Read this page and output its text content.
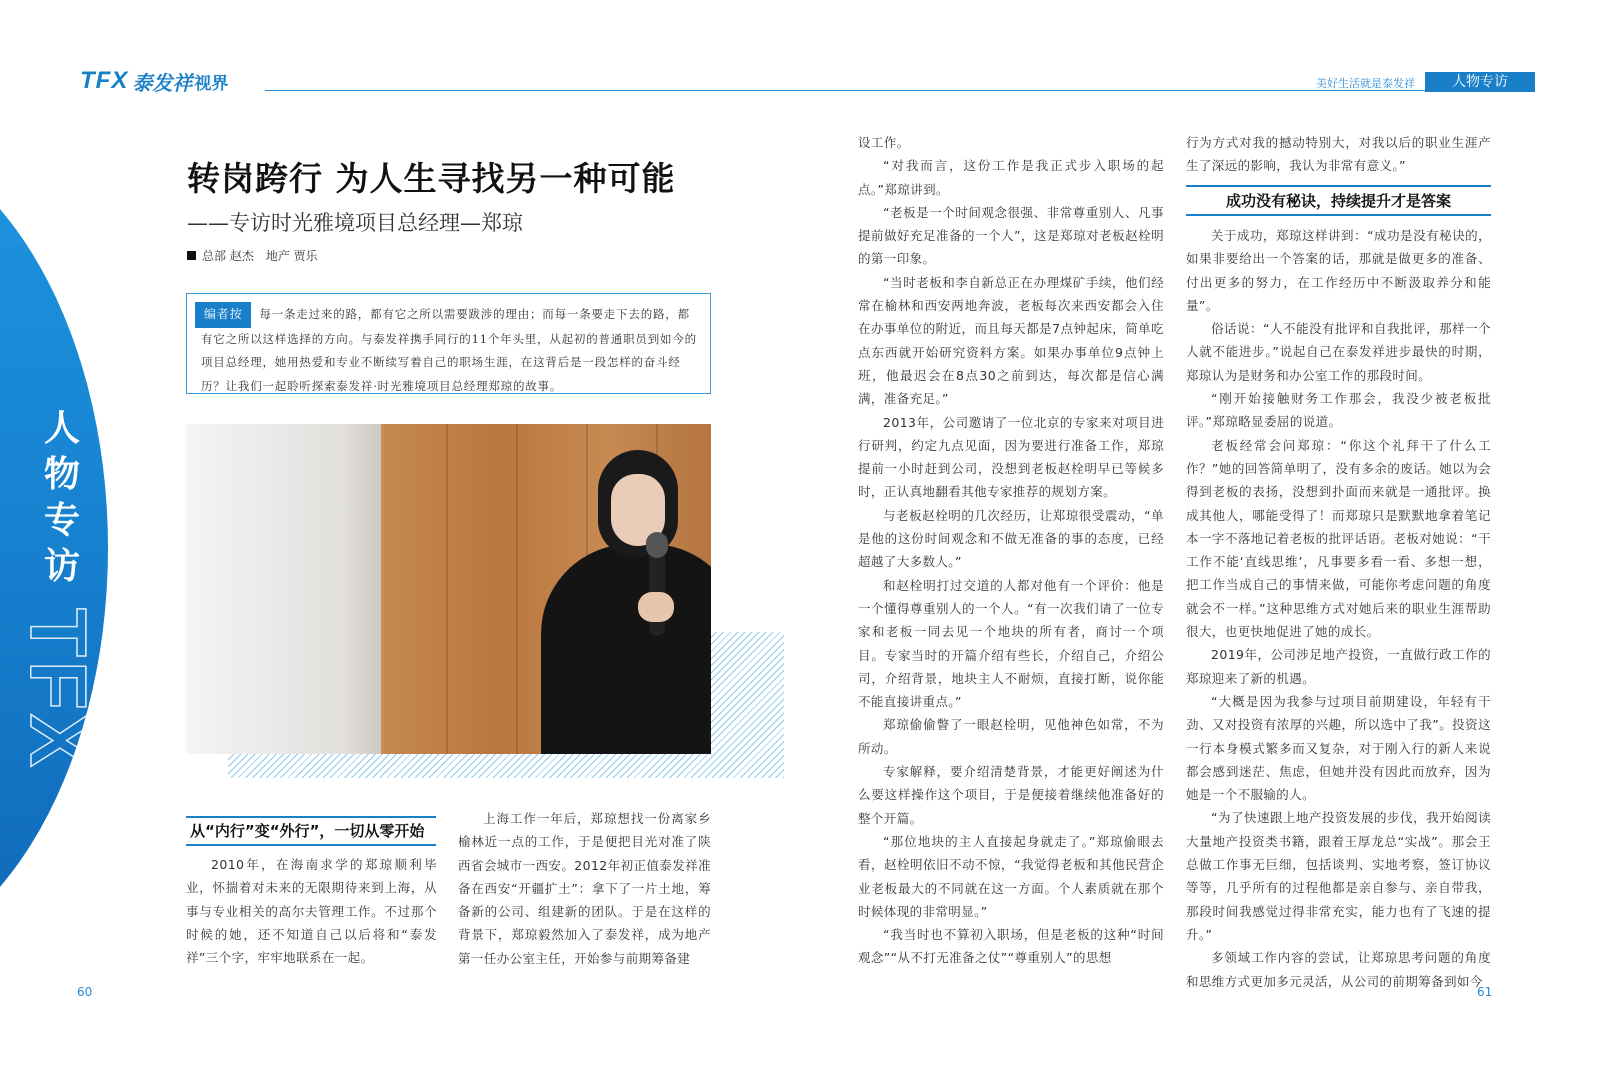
TFX 泰发祥 视界	美好生活就是泰发祥	人物专访
人物专访
TFX
转岗跨行 为人生寻找另一种可能
——专访时光雅境项目总经理—郑琼
总部 赵杰　地产 贾乐

编者按 每一条走过来的路，都有它之所以需要跋涉的理由；而每一条要走下去的路，都有它之所以这样选择的方向。与泰发祥携手同行的11个年头里，从起初的普通职员到如今的项目总经理，她用热爱和专业不断续写着自己的职场生涯，在这背后是一段怎样的奋斗经历？让我们一起聆听探索泰发祥·时光雅境项目总经理郑琼的故事。

从“内行”变“外行”，一切从零开始

2010年，在海南求学的郑琼顺利毕业，怀揣着对未来的无限期待来到上海，从事与专业相关的高尔夫管理工作。不过那个时候的她，还不知道自己以后将和“泰发祥”三个字，牢牢地联系在一起。

上海工作一年后，郑琼想找一份离家乡榆林近一点的工作，于是便把目光对准了陕西省会城市一西安。2012年初正值泰发祥准备在西安“开疆扩土”：拿下了一片土地，筹备新的公司、组建新的团队。于是在这样的背景下，郑琼毅然加入了泰发祥，成为地产第一任办公室主任，开始参与前期筹备建

设工作。

“对我而言，这份工作是我正式步入职场的起点。”郑琼讲到。

“老板是一个时间观念很强、非常尊重别人、凡事提前做好充足准备的一个人”，这是郑琼对老板赵栓明的第一印象。

“当时老板和李自新总正在办理煤矿手续，他们经常在榆林和西安两地奔波，老板每次来西安都会入住在办事单位的附近，而且每天都是7点钟起床，简单吃点东西就开始研究资料方案。如果办事单位9点钟上班，他最迟会在8点30之前到达，每次都是信心满满，准备充足。”

2013年，公司邀请了一位北京的专家来对项目进行研判，约定九点见面，因为要进行准备工作，郑琼提前一小时赶到公司，没想到老板赵栓明早已等候多时，正认真地翻看其他专家推荐的规划方案。

与老板赵栓明的几次经历，让郑琼很受震动，“单是他的这份时间观念和不做无准备的事的态度，已经超越了大多数人。”

和赵栓明打过交道的人都对他有一个评价：他是一个懂得尊重别人的一个人。“有一次我们请了一位专家和老板一同去见一个地块的所有者，商讨一个项目。专家当时的开篇介绍有些长，介绍自己，介绍公司，介绍背景，地块主人不耐烦，直接打断，说你能不能直接讲重点。”

郑琼偷偷瞥了一眼赵栓明，见他神色如常，不为所动。

专家解释，要介绍清楚背景，才能更好阐述为什么要这样操作这个项目，于是便接着继续他准备好的整个开篇。

“那位地块的主人直接起身就走了。”郑琼偷眼去看，赵栓明依旧不动不惊，“我觉得老板和其他民营企业老板最大的不同就在这一方面。个人素质就在那个时候体现的非常明显。”

“我当时也不算初入职场，但是老板的这种“时间观念”“从不打无准备之仗”“尊重别人”的思想

行为方式对我的撼动特别大，对我以后的职业生涯产生了深远的影响，我认为非常有意义。”

成功没有秘诀，持续提升才是答案

关于成功，郑琼这样讲到：“成功是没有秘诀的，如果非要给出一个答案的话，那就是做更多的准备、付出更多的努力，在工作经历中不断汲取养分和能量”。

俗话说：“人不能没有批评和自我批评，那样一个人就不能进步。”说起自己在泰发祥进步最快的时期，郑琼认为是财务和办公室工作的那段时间。

“刚开始接触财务工作那会，我没少被老板批评。”郑琼略显委屈的说道。

老板经常会问郑琼：“你这个礼拜干了什么工作？”她的回答简单明了，没有多余的废话。她以为会得到老板的表扬，没想到扑面而来就是一通批评。换成其他人，哪能受得了！而郑琼只是默默地拿着笔记本一字不落地记着老板的批评话语。老板对她说：“干工作不能‘直线思维’，凡事要多看一看、多想一想，把工作当成自己的事情来做，可能你考虑问题的角度就会不一样。”这种思维方式对她后来的职业生涯帮助很大，也更快地促进了她的成长。

2019年，公司涉足地产投资，一直做行政工作的郑琼迎来了新的机遇。

“大概是因为我参与过项目前期建设，年轻有干劲、又对投资有浓厚的兴趣，所以选中了我”。投资这一行本身模式繁多而又复杂，对于刚入行的新人来说都会感到迷茫、焦虑，但她并没有因此而放弃，因为她是一个不服输的人。

“为了快速跟上地产投资发展的步伐，我开始阅读大量地产投资类书籍，跟着王厚龙总“实战”。那会王总做工作事无巨细，包括谈判、实地考察，签订协议等等，几乎所有的过程他都是亲自参与、亲自带我，那段时间我感觉过得非常充实，能力也有了飞速的提升。”

多领域工作内容的尝试，让郑琼思考问题的角度和思维方式更加多元灵活，从公司的前期筹备到如今

60	61
